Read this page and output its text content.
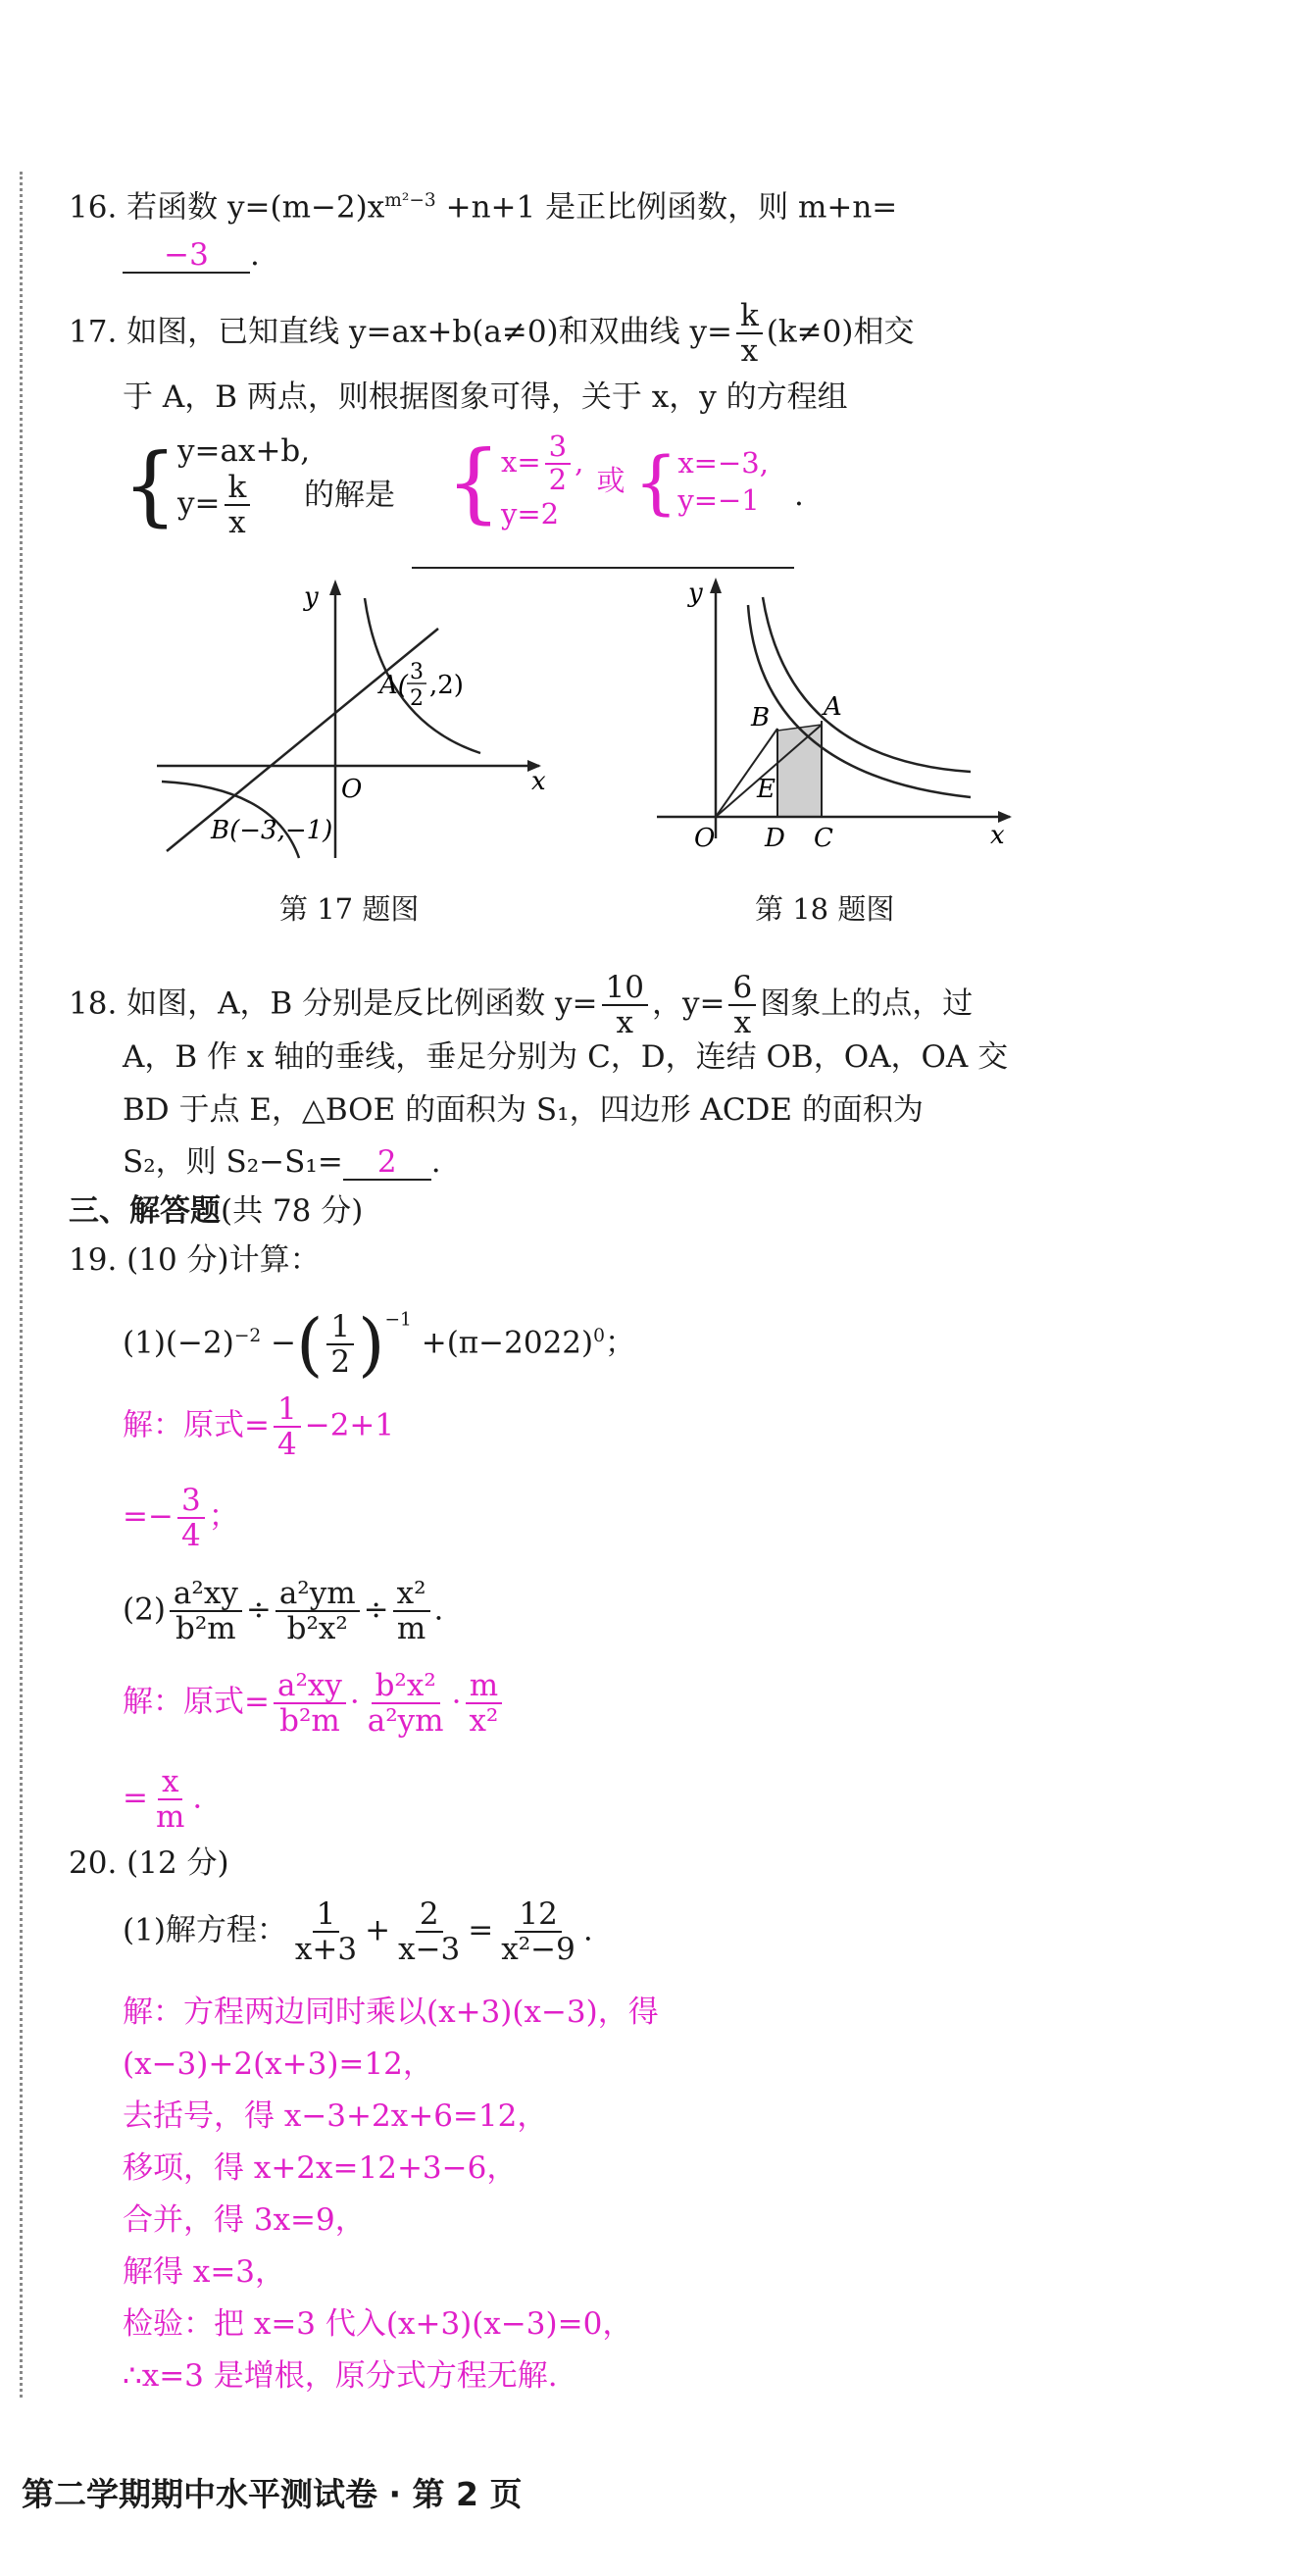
16. 若函数 $y=(m-2)x^{m^2-3} +n+1$ 是正比例函数，则 m+n=
−3 .
17. 如图，已知直线 y=ax+b(a≠0)和双曲线 $y= \frac{k}{x} (k\ne 0)$相交
于 A，B 两点，则根据图象可得，关于 x，y 的方程组
{ y=ax+b,
$y= \frac{k}{x}$ 的解是 { $x= \frac{3}{2}$ ,
y=2
或 { x=−3,
y=−1 .
y
x
O
A( 3
2 ,2)
B(−3,−1)
第 17 题图
y
x
O
A
B
D C
E
第 18 题图
18. 如图，A，B 分别是反比例函数 $y= \frac{10}{x}$ ，$y= \frac{6}{x}$ 图象上的点，过
A，B 作 x 轴的垂线，垂足分别为 C，D，连结 OB，OA，OA 交
BD 于点 E，△BOE 的面积为 S₁，四边形 ACDE 的面积为
S₂，则 S₂−S₁= 2 .
三、解答题(共 78 分)
19. (10 分)计算：
$(1)(-2)^{-2}$ −( $\frac{1}{2} )^{-1} +(\pi-2022)^0$；
解：原式= $\frac{1}{4} -2+1$
=− $\frac{3}{4}$ ；
$(2) \frac{\text{a²xy}}{\text{b²m}} \div \frac{\text{a²ym}}{\text{b²x²}} \div \frac{\text{x²}}{m}$ .
解：原式= $\frac{\text{a²xy}}{\text{b²m}} \cdot \frac{\text{b²x²}}{\text{a²ym}} \cdot \frac{m}{\text{x²}}$
= $\frac{x}{m}$ .
20. (12 分)
(1)解方程： $\frac{1}{x+3} + \frac{2}{x-3} = \frac{12}{\text{x²−9}}$ .
解：方程两边同时乘以(x+3)(x−3)，得
(x−3)+2(x+3)=12，
去括号，得 x−3+2x+6=12，
移项，得 x+2x=12+3−6，
合并，得 3x=9，
解得 x=3，
检验：把 x=3 代入(x+3)(x−3)=0，
∴x=3 是增根，原分式方程无解.
第二学期期中水平测试卷 · 第 2 页
